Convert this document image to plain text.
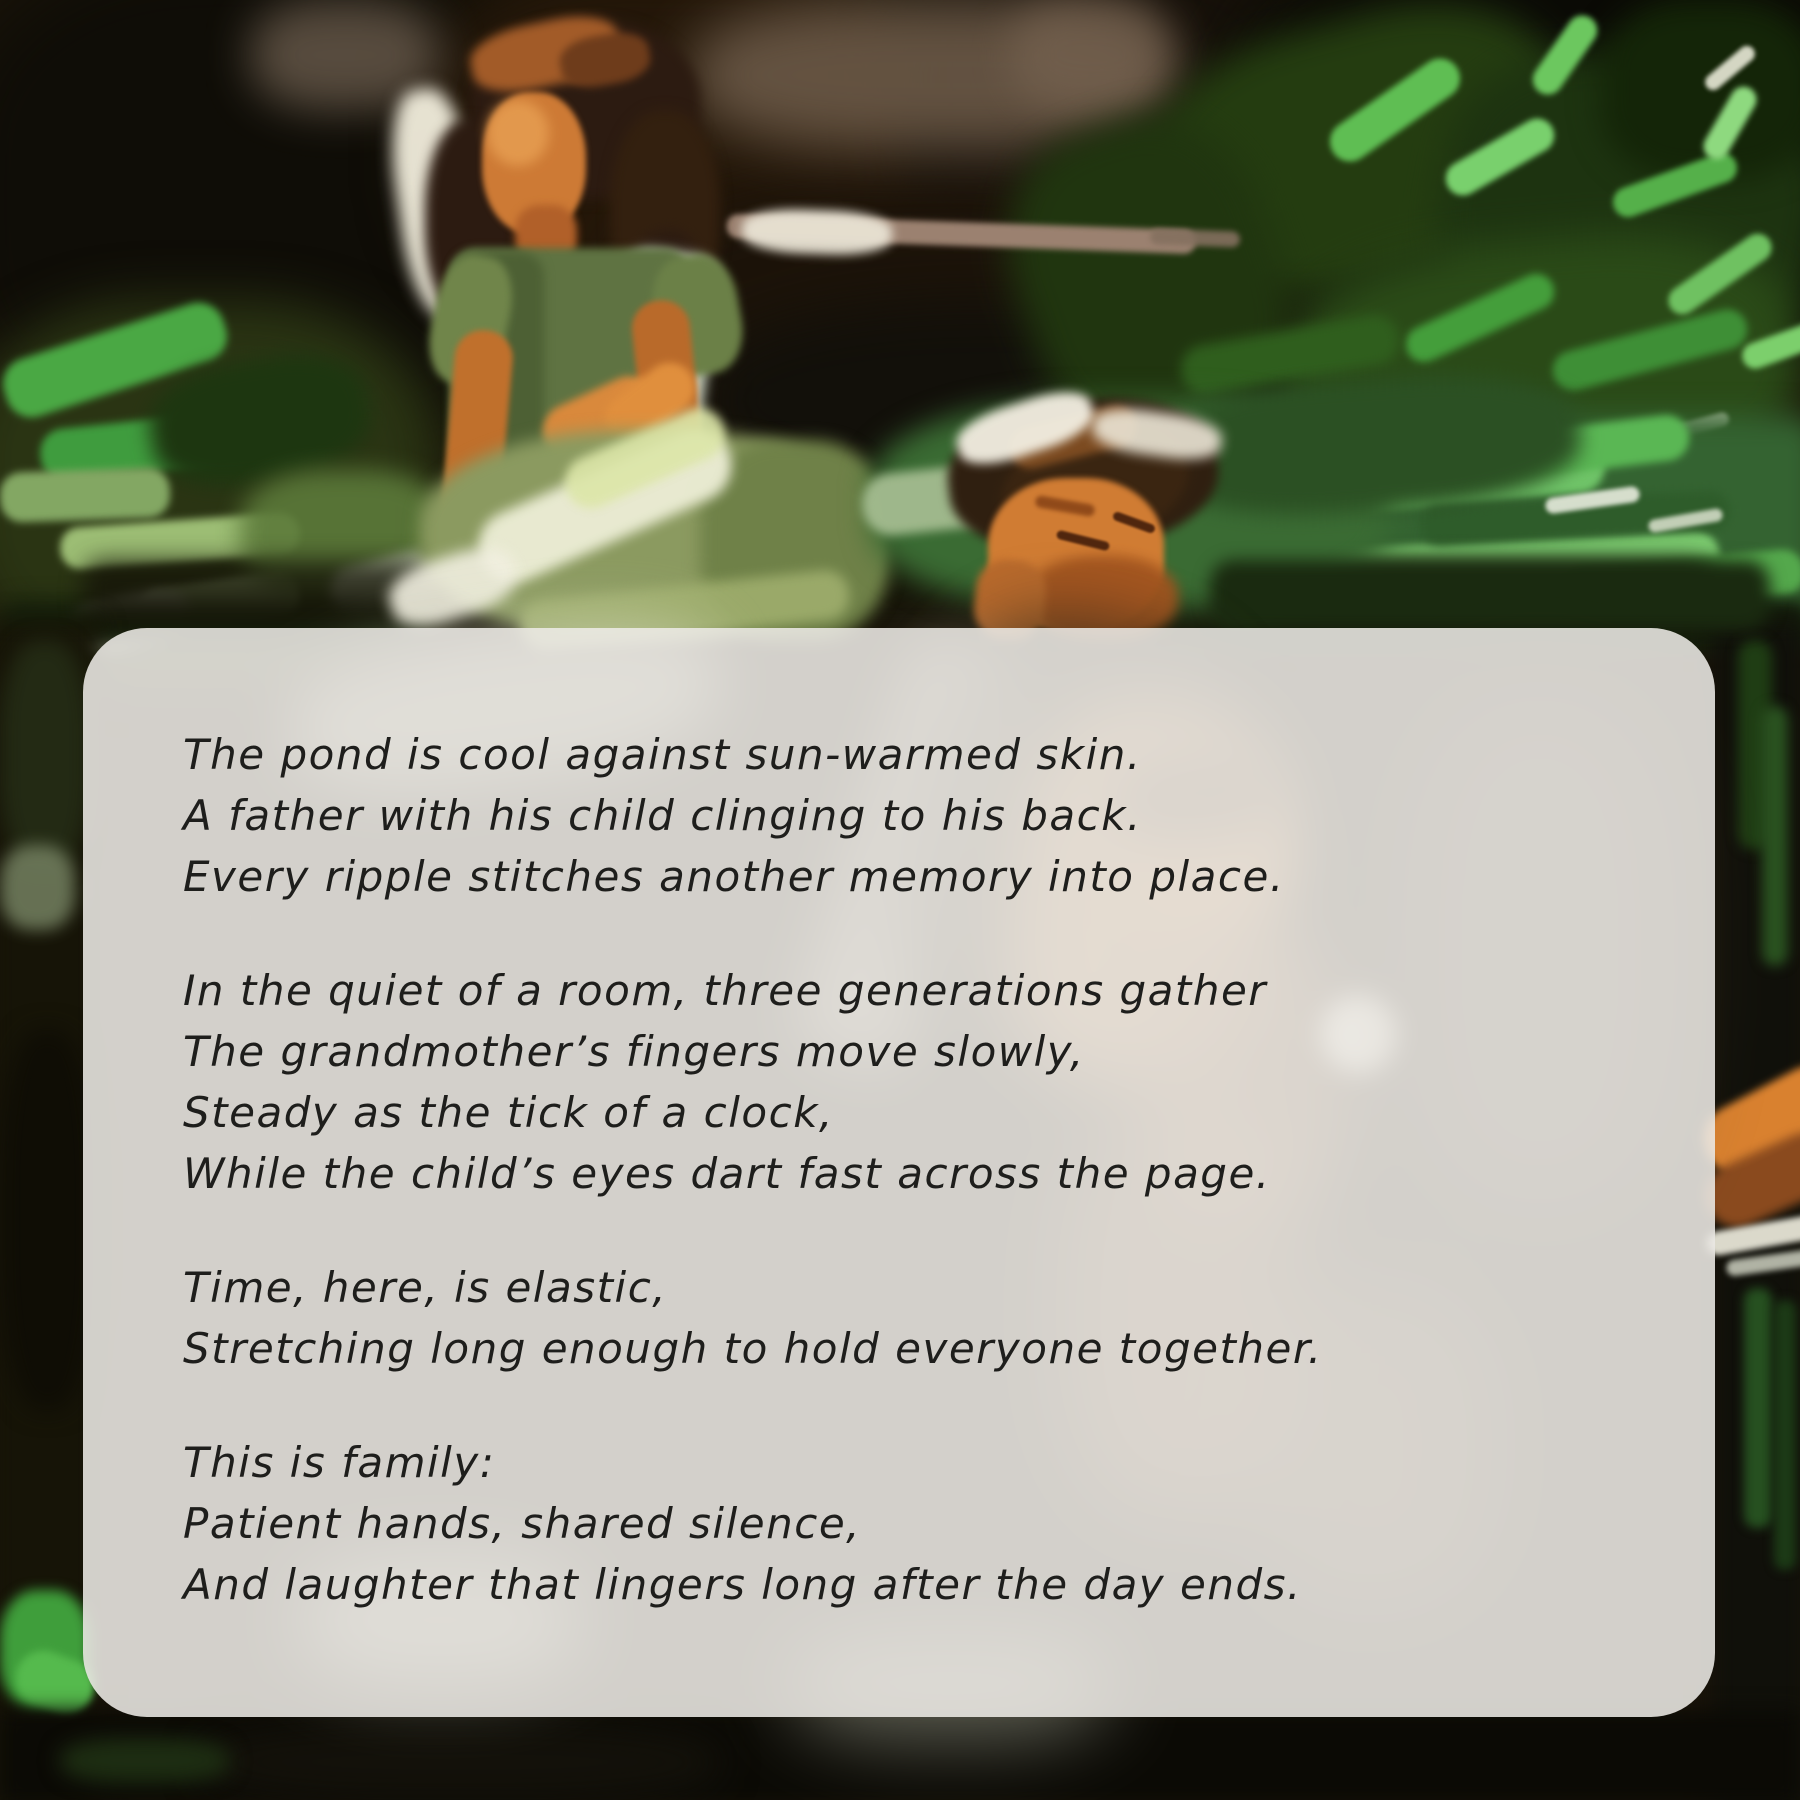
The pond is cool against sun-warmed skin.
A father with his child clinging to his back.
Every ripple stitches another memory into place.

In the quiet of a room, three generations gather
The grandmother’s fingers move slowly,
Steady as the tick of a clock,
While the child’s eyes dart fast across the page.

Time, here, is elastic,
Stretching long enough to hold everyone together.

This is family:
Patient hands, shared silence,
And laughter that lingers long after the day ends.
